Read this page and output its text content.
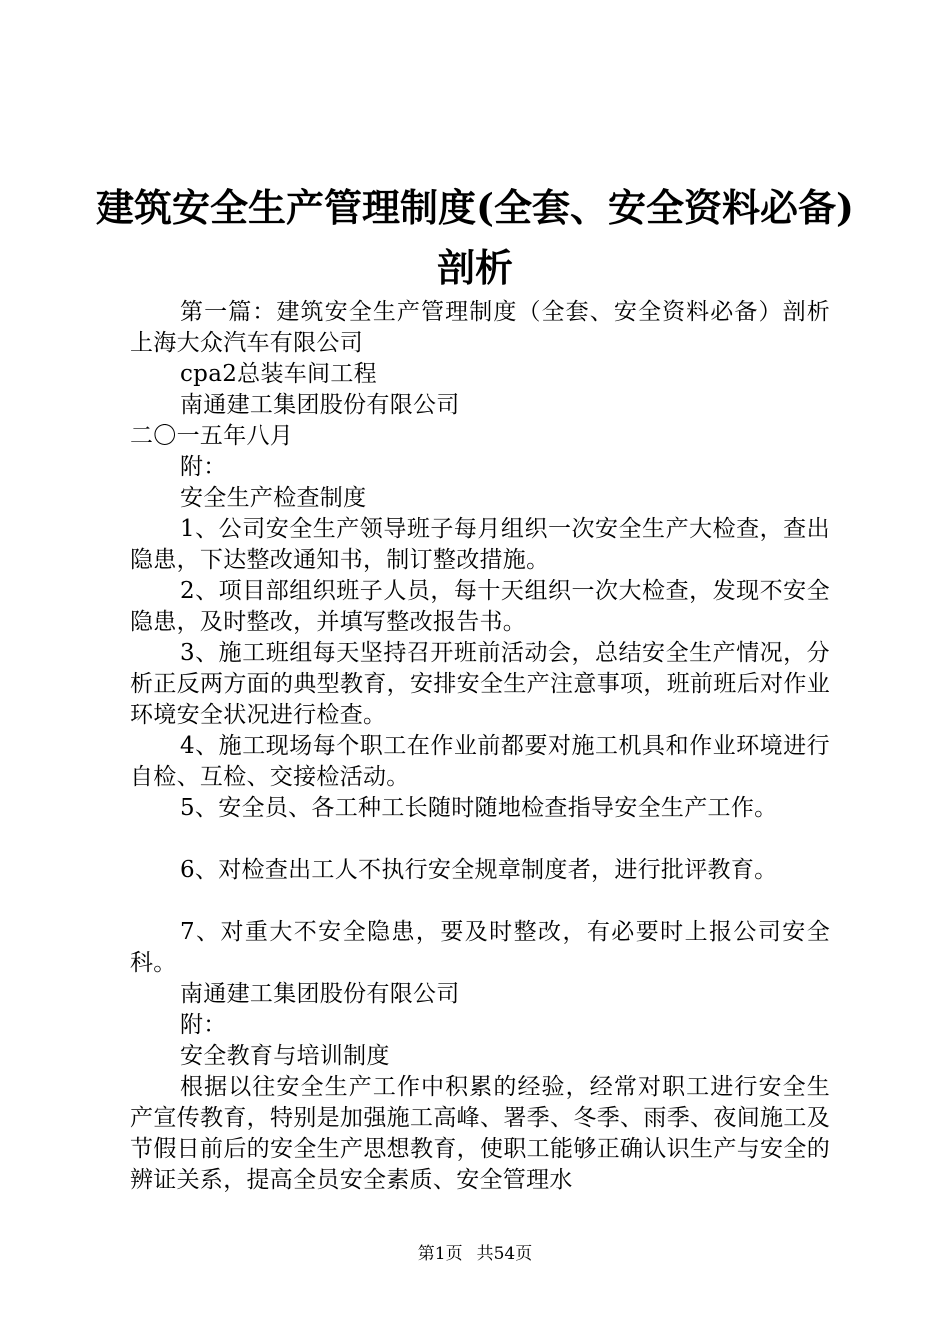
建筑安全生产管理制度(全套、安全资料必备)
剖析

第一篇：建筑安全生产管理制度（全套、安全资料必备）剖析上海大众汽车有限公司

cpa2总装车间工程

南通建工集团股份有限公司

二〇一五年八月

附：

安全生产检查制度

1、公司安全生产领导班子每月组织一次安全生产大检查，查出隐患，下达整改通知书，制订整改措施。

2、项目部组织班子人员，每十天组织一次大检查，发现不安全隐患，及时整改，并填写整改报告书。

3、施工班组每天坚持召开班前活动会，总结安全生产情况，分析正反两方面的典型教育，安排安全生产注意事项，班前班后对作业环境安全状况进行检查。

4、施工现场每个职工在作业前都要对施工机具和作业环境进行自检、互检、交接检活动。

5、安全员、各工种工长随时随地检查指导安全生产工作。

6、对检查出工人不执行安全规章制度者，进行批评教育。

7、对重大不安全隐患，要及时整改，有必要时上报公司安全科。

南通建工集团股份有限公司

附：

安全教育与培训制度

根据以往安全生产工作中积累的经验，经常对职工进行安全生产宣传教育，特别是加强施工高峰、署季、冬季、雨季、夜间施工及节假日前后的安全生产思想教育，使职工能够正确认识生产与安全的辨证关系，提高全员安全素质、安全管理水

第1页 共54页
